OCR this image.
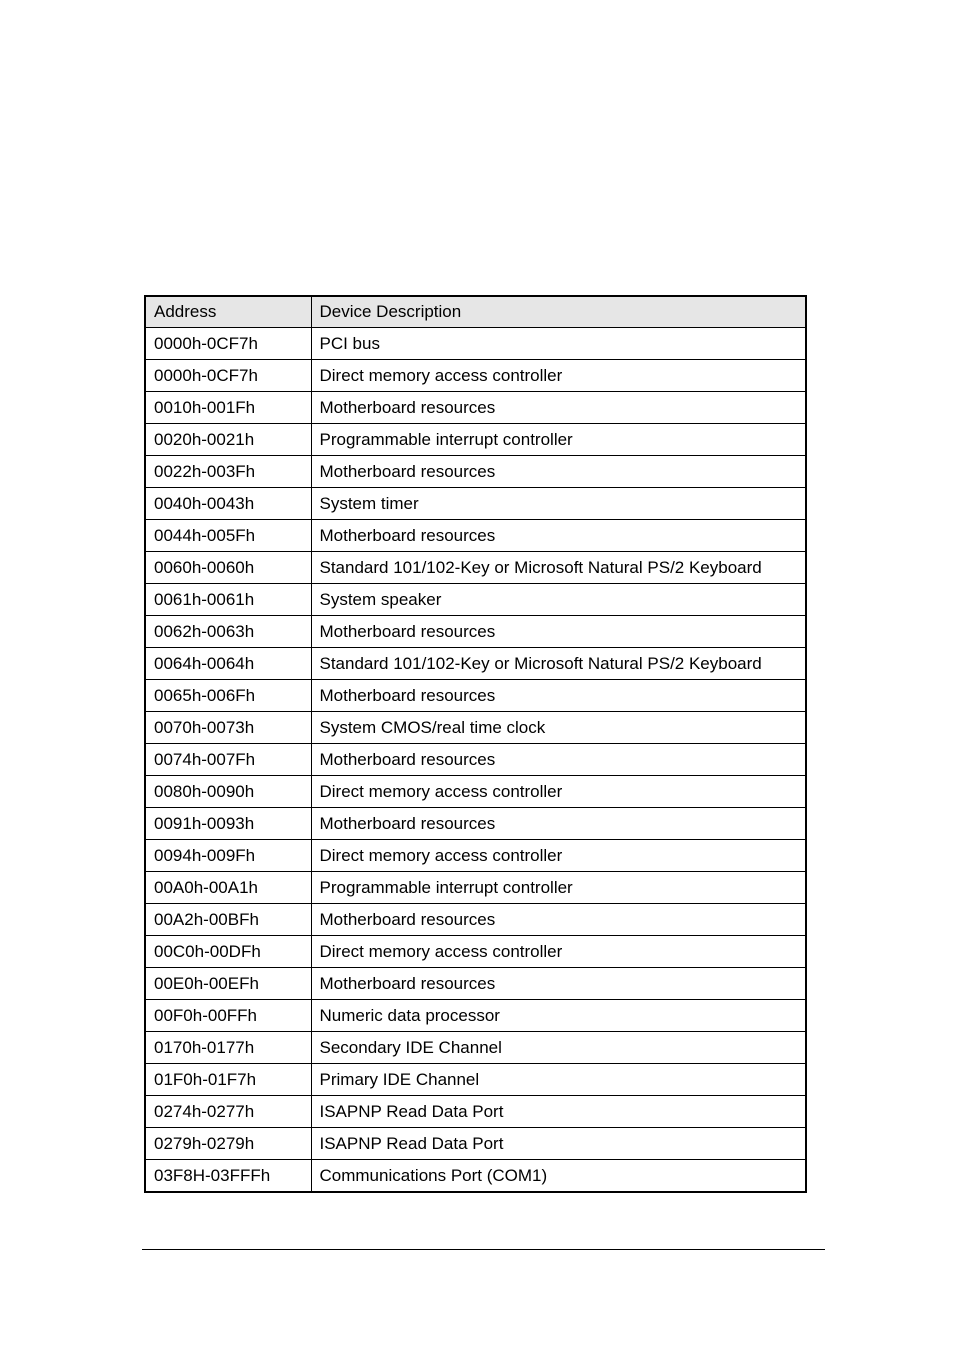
Address	Device Description
0000h-0CF7h	PCI bus
0000h-0CF7h	Direct memory access controller
0010h-001Fh	Motherboard resources
0020h-0021h	Programmable interrupt controller
0022h-003Fh	Motherboard resources
0040h-0043h	System timer
0044h-005Fh	Motherboard resources
0060h-0060h	Standard 101/102-Key or Microsoft Natural PS/2 Keyboard
0061h-0061h	System speaker
0062h-0063h	Motherboard resources
0064h-0064h	Standard 101/102-Key or Microsoft Natural PS/2 Keyboard
0065h-006Fh	Motherboard resources
0070h-0073h	System CMOS/real time clock
0074h-007Fh	Motherboard resources
0080h-0090h	Direct memory access controller
0091h-0093h	Motherboard resources
0094h-009Fh	Direct memory access controller
00A0h-00A1h	Programmable interrupt controller
00A2h-00BFh	Motherboard resources
00C0h-00DFh	Direct memory access controller
00E0h-00EFh	Motherboard resources
00F0h-00FFh	Numeric data processor
0170h-0177h	Secondary IDE Channel
01F0h-01F7h	Primary IDE Channel
0274h-0277h	ISAPNP Read Data Port
0279h-0279h	ISAPNP Read Data Port
03F8H-03FFFh	Communications Port (COM1)
